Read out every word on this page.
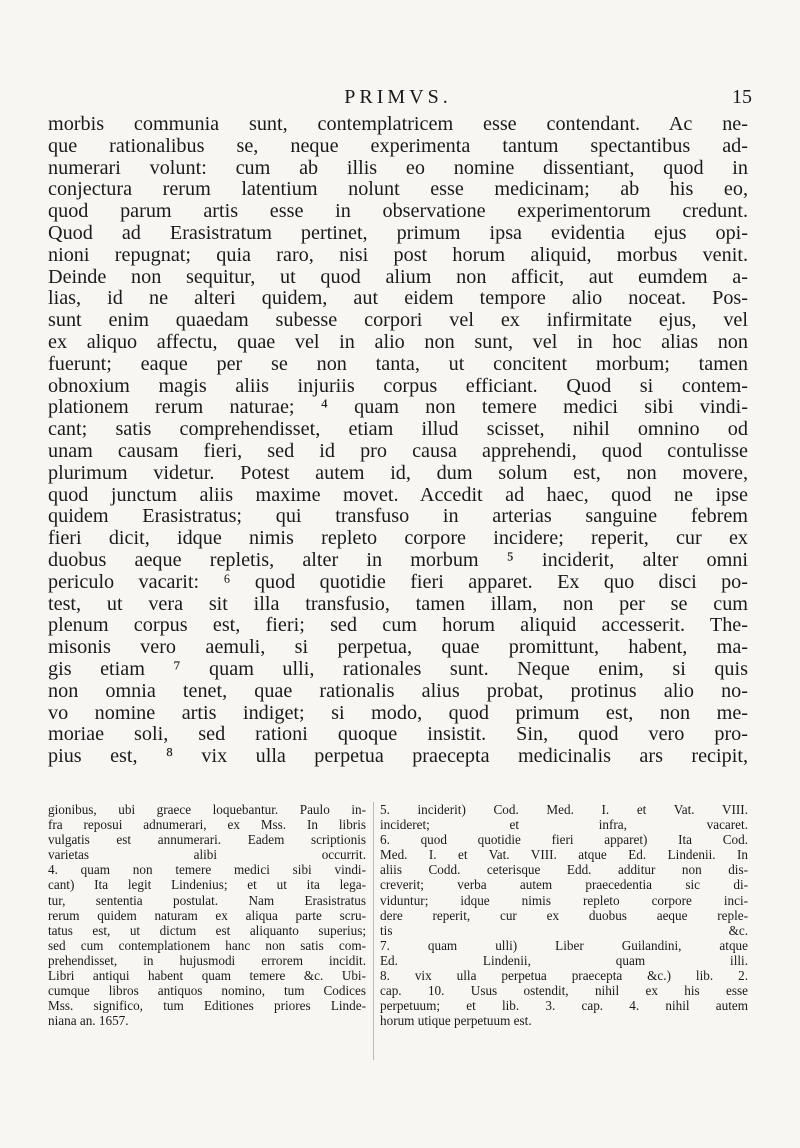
PRIMVS.	15
morbis communia sunt, contemplatricem esse contendant. Ac ne-
que rationalibus se, neque experimenta tantum spectantibus ad-
numerari volunt: cum ab illis eo nomine dissentiant, quod in
conjectura rerum latentium nolunt esse medicinam; ab his eo,
quod parum artis esse in observatione experimentorum credunt.
Quod ad Erasistratum pertinet, primum ipsa evidentia ejus opi-
nioni repugnat; quia raro, nisi post horum aliquid, morbus venit.
Deinde non sequitur, ut quod alium non afficit, aut eumdem a-
lias, id ne alteri quidem, aut eidem tempore alio noceat. Pos-
sunt enim quaedam subesse corpori vel ex infirmitate ejus, vel
ex aliquo affectu, quae vel in alio non sunt, vel in hoc alias non
fuerunt; eaque per se non tanta, ut concitent morbum; tamen
obnoxium magis aliis injuriis corpus efficiant. Quod si contem-
plationem rerum naturae; ⁴ quam non temere medici sibi vindi-
cant; satis comprehendisset, etiam illud scisset, nihil omnino od
unam causam fieri, sed id pro causa apprehendi, quod contulisse
plurimum videtur. Potest autem id, dum solum est, non movere,
quod junctum aliis maxime movet. Accedit ad haec, quod ne ipse
quidem Erasistratus; qui transfuso in arterias sanguine febrem
fieri dicit, idque nimis repleto corpore incidere; reperit, cur ex
duobus aeque repletis, alter in morbum ⁵ inciderit, alter omni
periculo vacarit: ⁶ quod quotidie fieri apparet. Ex quo disci po-
test, ut vera sit illa transfusio, tamen illam, non per se cum
plenum corpus est, fieri; sed cum horum aliquid accesserit. The-
misonis vero aemuli, si perpetua, quae promittunt, habent, ma-
gis etiam ⁷ quam ulli, rationales sunt. Neque enim, si quis
non omnia tenet, quae rationalis alius probat, protinus alio no-
vo nomine artis indiget; si modo, quod primum est, non me-
moriae soli, sed rationi quoque insistit. Sin, quod vero pro-
pius est, ⁸ vix ulla perpetua praecepta medicinalis ars recipit,
gionibus, ubi graece loquebantur. Paulo in-
fra reposui adnumerari, ex Mss. In libris
vulgatis est annumerari. Eadem scriptionis
varietas alibi occurrit.
4. quam non temere medici sibi vindi-
cant) Ita legit Lindenius; et ut ita lega-
tur, sententia postulat. Nam Erasistratus
rerum quidem naturam ex aliqua parte scru-
tatus est, ut dictum est aliquanto superius;
sed cum contemplationem hanc non satis com-
prehendisset, in hujusmodi errorem incidit.
Libri antiqui habent quam temere &c. Ubi-
cumque libros antiquos nomino, tum Codices
Mss. significo, tum Editiones priores Linde-
niana an. 1657.
5. inciderit) Cod. Med. I. et Vat. VIII.
incideret; et infra, vacaret.
6. quod quotidie fieri apparet) Ita Cod.
Med. I. et Vat. VIII. atque Ed. Lindenii. In
aliis Codd. ceterisque Edd. additur non dis-
creverit; verba autem praecedentia sic di-
viduntur; idque nimis repleto corpore inci-
dere reperit, cur ex duobus aeque reple-
tis &c.
7. quam ulli) Liber Guilandini, atque
Ed. Lindenii, quam illi.
8. vix ulla perpetua praecepta &c.) lib. 2.
cap. 10. Usus ostendit, nihil ex his esse
perpetuum; et lib. 3. cap. 4. nihil autem
horum utique perpetuum est.
